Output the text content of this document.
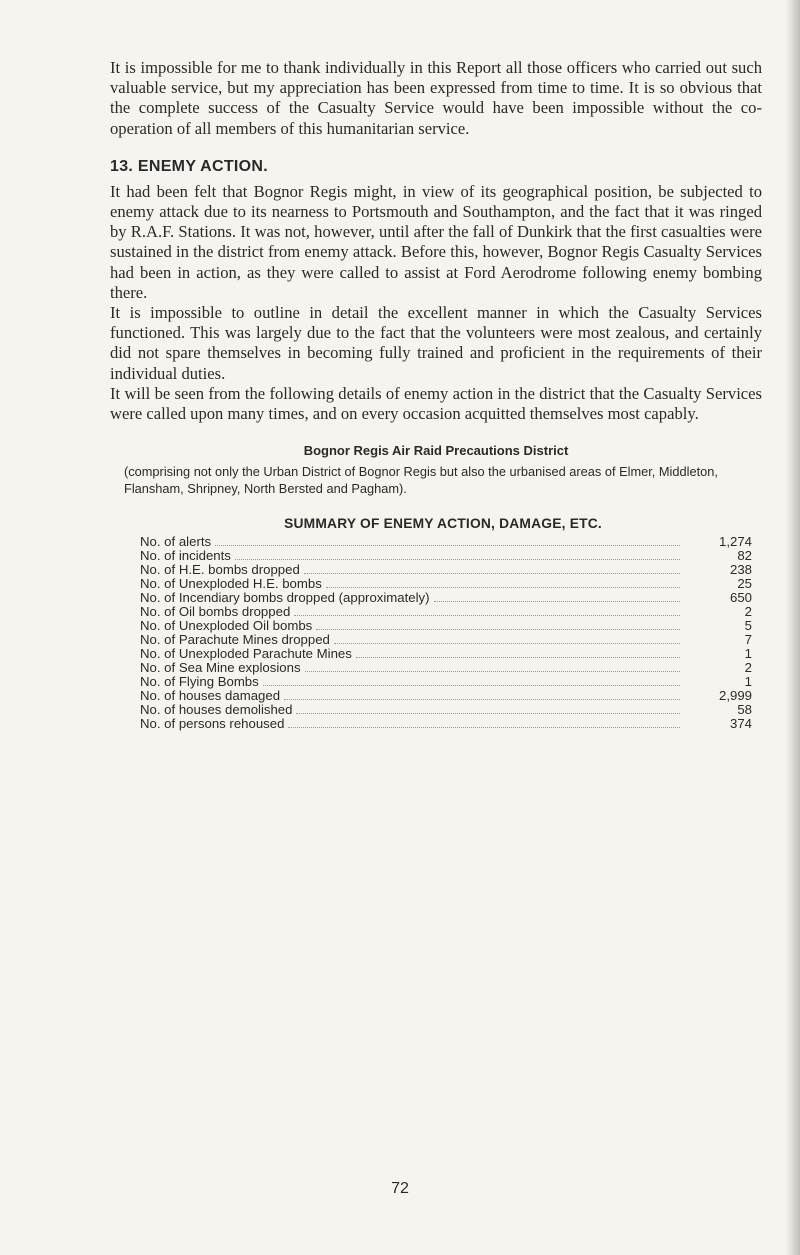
It is impossible for me to thank individually in this Report all those officers who carried out such valuable service, but my appreciation has been expressed from time to time. It is so obvious that the complete success of the Casualty Service would have been impossible without the co-operation of all members of this humanitarian service.

13. ENEMY ACTION.

It had been felt that Bognor Regis might, in view of its geographical position, be subjected to enemy attack due to its nearness to Portsmouth and Southampton, and the fact that it was ringed by R.A.F. Stations. It was not, however, until after the fall of Dunkirk that the first casualties were sustained in the district from enemy attack. Before this, however, Bognor Regis Casualty Services had been in action, as they were called to assist at Ford Aerodrome following enemy bombing there.

It is impossible to outline in detail the excellent manner in which the Casualty Services functioned. This was largely due to the fact that the volunteers were most zealous, and certainly did not spare themselves in becoming fully trained and proficient in the requirements of their individual duties.

It will be seen from the following details of enemy action in the district that the Casualty Services were called upon many times, and on every occasion acquitted themselves most capably.

Bognor Regis Air Raid Precautions District

(comprising not only the Urban District of Bognor Regis but also the urbanised areas of Elmer, Middleton, Flansham, Shripney, North Bersted and Pagham).

SUMMARY OF ENEMY ACTION, DAMAGE, ETC.
No. of alerts	1,274

No. of incidents	82

No. of H.E. bombs dropped	238

No. of Unexploded H.E. bombs	25

No. of Incendiary bombs dropped (approximately)	650

No. of Oil bombs dropped	2

No. of Unexploded Oil bombs	5

No. of Parachute Mines dropped	7

No. of Unexploded Parachute Mines	1

No. of Sea Mine explosions	2

No. of Flying Bombs	1

No. of houses damaged	2,999

No. of houses demolished	58

No. of persons rehoused	374
72
